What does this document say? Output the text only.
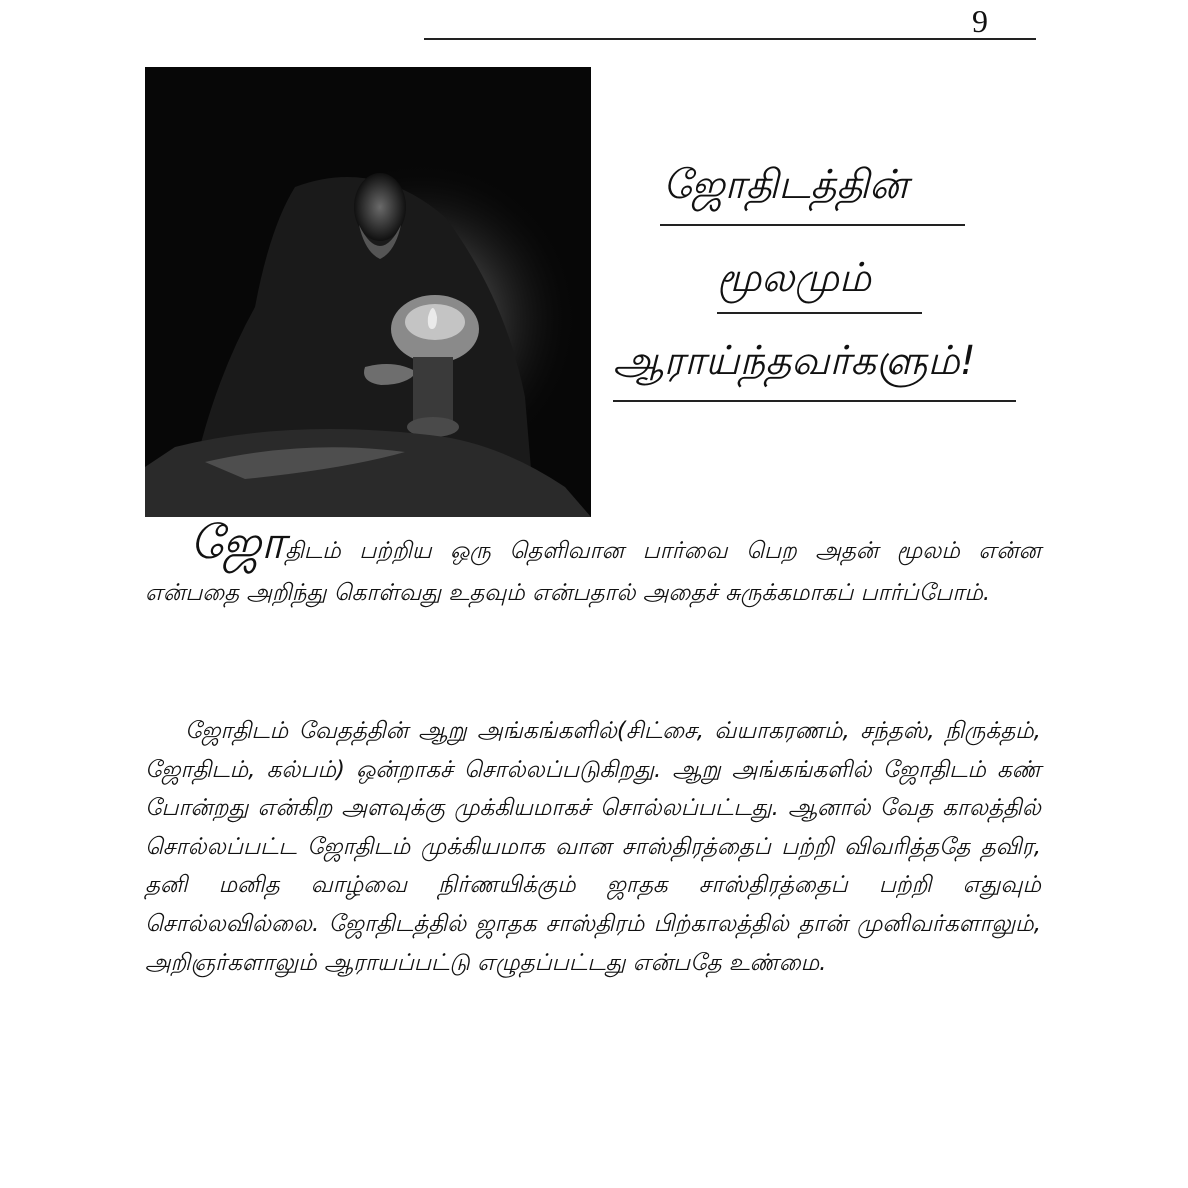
9
ஜோதிடத்தின்
மூலமும்
ஆராய்ந்தவர்களும்!
ஜோதிடம் பற்றிய ஒரு தெளிவான பார்வை பெற அதன் மூலம் என்ன என்பதை அறிந்து கொள்வது உதவும் என்பதால் அதைச் சுருக்கமாகப் பார்ப்போம்.
ஜோதிடம் வேதத்தின் ஆறு அங்கங்களில்(சிட்சை, வ்யாகரணம், சந்தஸ், நிருக்தம், ஜோதிடம், கல்பம்) ஒன்றாகச் சொல்லப்படுகிறது. ஆறு அங்கங்களில் ஜோதிடம் கண் போன்றது என்கிற அளவுக்கு முக்கியமாகச் சொல்லப்பட்டது. ஆனால் வேத காலத்தில் சொல்லப்பட்ட ஜோதிடம் முக்கியமாக வான சாஸ்திரத்தைப் பற்றி விவரித்ததே தவிர, தனி மனித வாழ்வை நிர்ணயிக்கும் ஜாதக சாஸ்திரத்தைப் பற்றி எதுவும் சொல்லவில்லை. ஜோதிடத்தில் ஜாதக சாஸ்திரம் பிற்காலத்தில் தான் முனிவர்களாலும், அறிஞர்களாலும் ஆராயப்பட்டு எழுதப்பட்டது என்பதே உண்மை.
